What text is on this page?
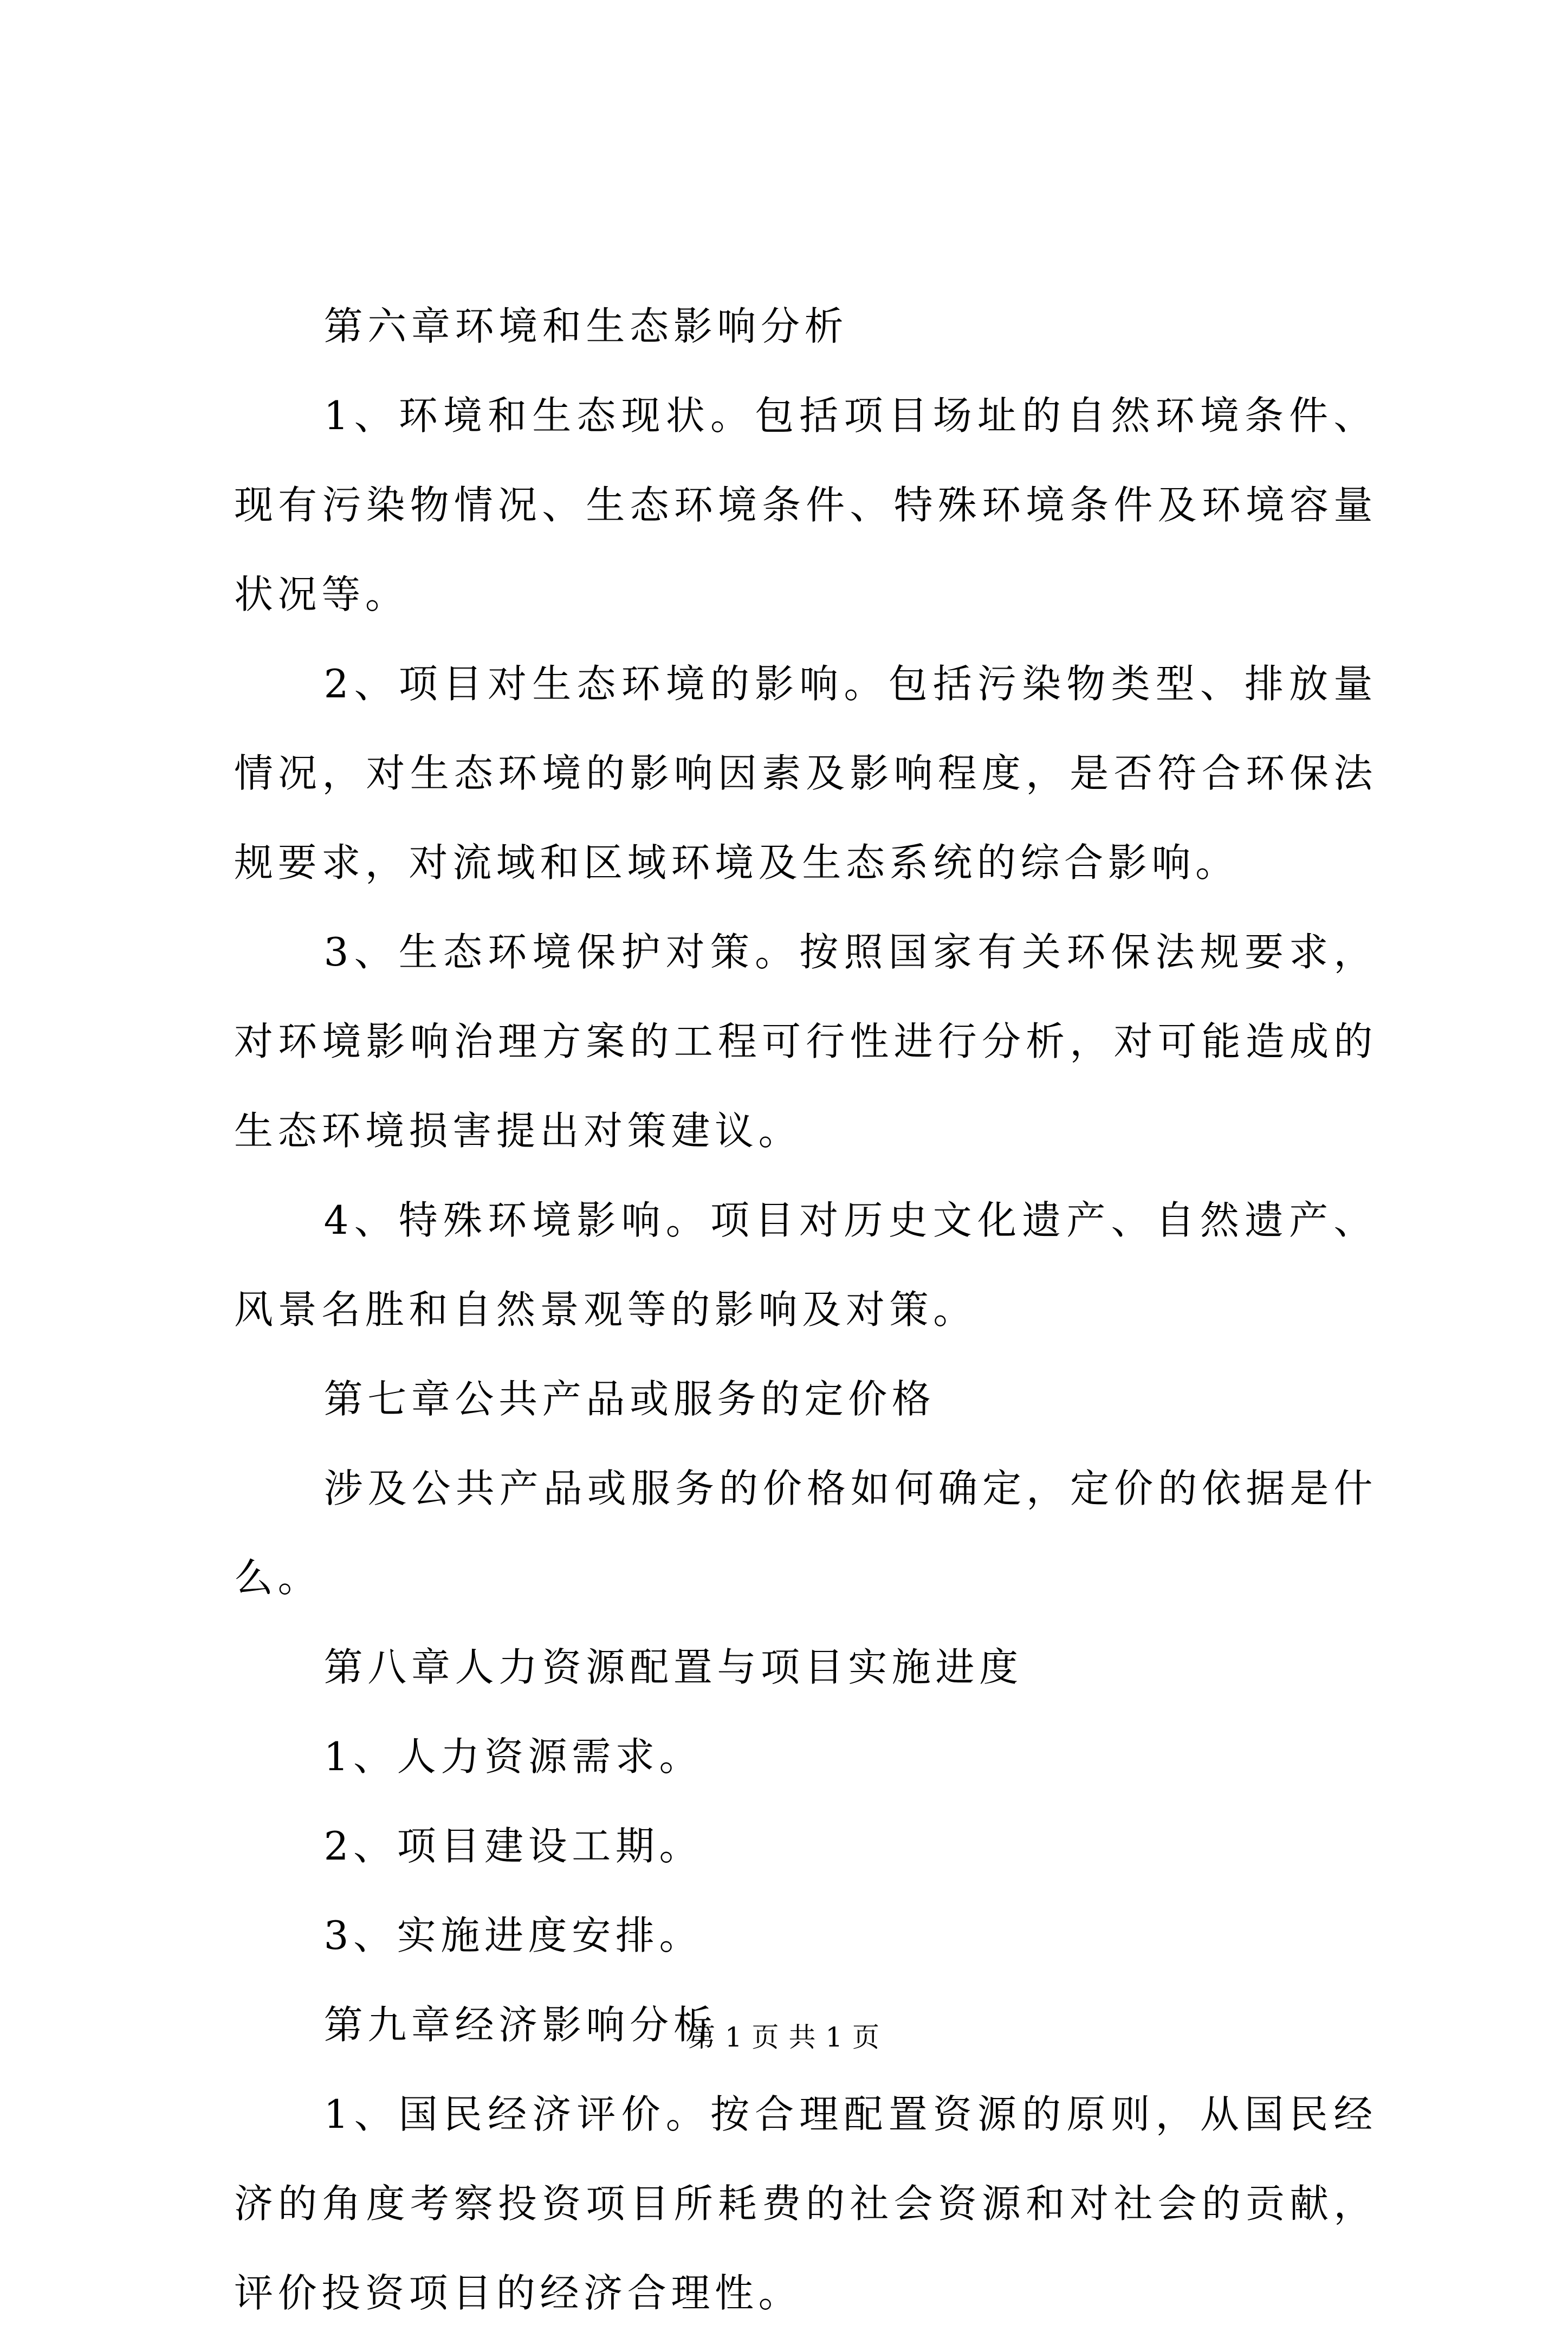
第六章环境和生态影响分析

1、环境和生态现状。包括项目场址的自然环境条件、现有污染物情况、生态环境条件、特殊环境条件及环境容量状况等。

2、项目对生态环境的影响。包括污染物类型、排放量情况，对生态环境的影响因素及影响程度，是否符合环保法规要求，对流域和区域环境及生态系统的综合影响。

3、生态环境保护对策。按照国家有关环保法规要求，对环境影响治理方案的工程可行性进行分析，对可能造成的生态环境损害提出对策建议。

4、特殊环境影响。项目对历史文化遗产、自然遗产、风景名胜和自然景观等的影响及对策。

第七章公共产品或服务的定价格

涉及公共产品或服务的价格如何确定，定价的依据是什么。

第八章人力资源配置与项目实施进度

1、人力资源需求。

2、项目建设工期。

3、实施进度安排。

第九章经济影响分析

1、国民经济评价。按合理配置资源的原则，从国民经济的角度考察投资项目所耗费的社会资源和对社会的贡献，评价投资项目的经济合理性。

第 1 页 共 1 页
